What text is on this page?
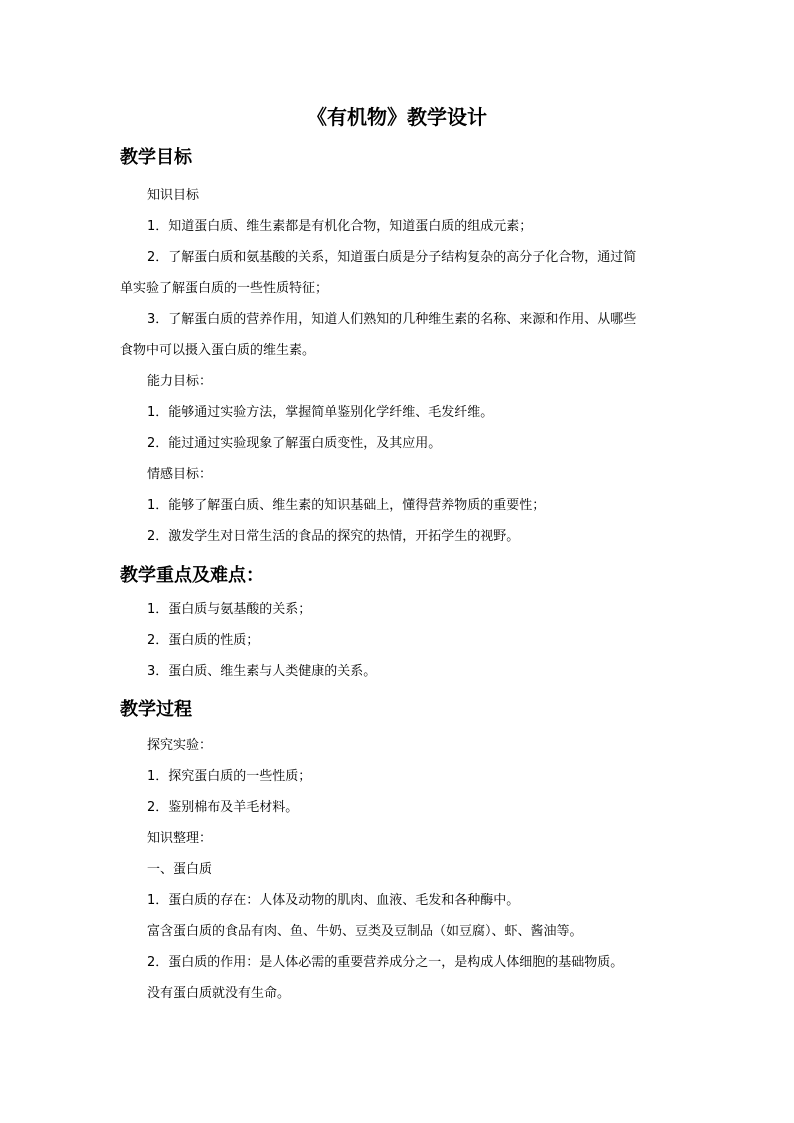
《有机物》教学设计
教学目标
知识目标
1．知道蛋白质、维生素都是有机化合物，知道蛋白质的组成元素；
2．了解蛋白质和氨基酸的关系，知道蛋白质是分子结构复杂的高分子化合物，通过简
单实验了解蛋白质的一些性质特征；
3．了解蛋白质的营养作用，知道人们熟知的几种维生素的名称、来源和作用、从哪些
食物中可以摄入蛋白质的维生素。
能力目标：
1．能够通过实验方法，掌握简单鉴别化学纤维、毛发纤维。
2．能过通过实验现象了解蛋白质变性，及其应用。
情感目标：
1．能够了解蛋白质、维生素的知识基础上，懂得营养物质的重要性；
2．激发学生对日常生活的食品的探究的热情，开拓学生的视野。
教学重点及难点：
1．蛋白质与氨基酸的关系；
2．蛋白质的性质；
3．蛋白质、维生素与人类健康的关系。
教学过程
探究实验：
1．探究蛋白质的一些性质；
2．鉴别棉布及羊毛材料。
知识整理：
一、蛋白质
1．蛋白质的存在：人体及动物的肌肉、血液、毛发和各种酶中。
富含蛋白质的食品有肉、鱼、牛奶、豆类及豆制品（如豆腐）、虾、酱油等。
2．蛋白质的作用：是人体必需的重要营养成分之一，是构成人体细胞的基础物质。
没有蛋白质就没有生命。
